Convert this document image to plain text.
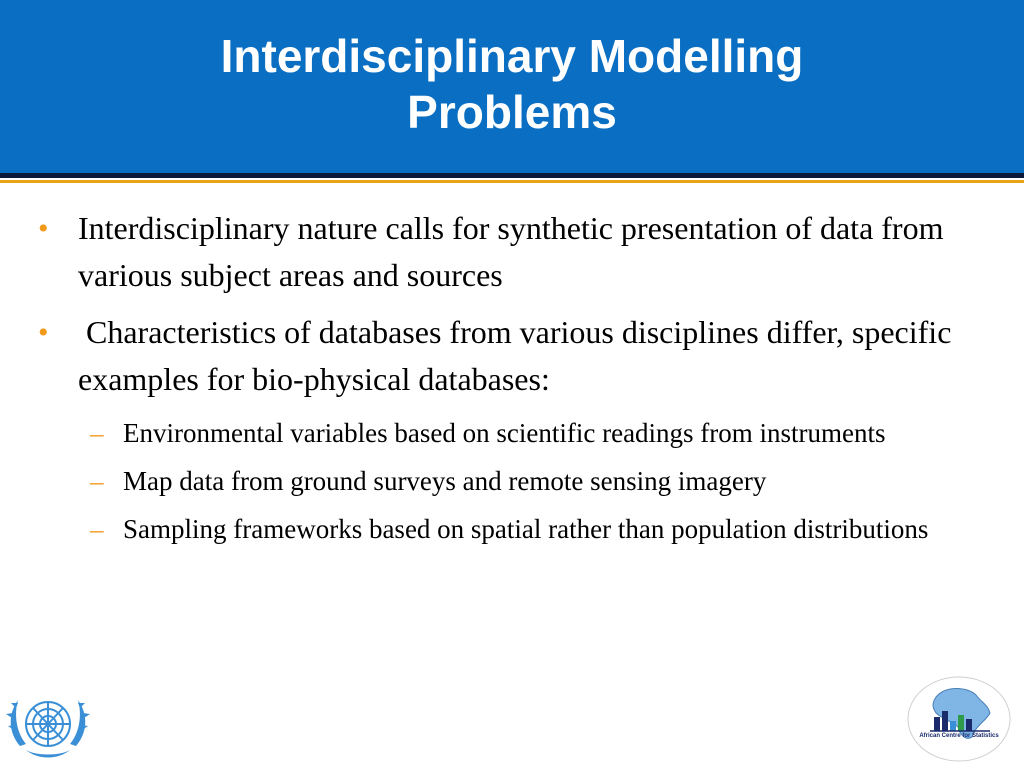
Interdisciplinary Modelling
Problems
• Interdisciplinary nature calls for synthetic presentation of data from various subject areas and sources
• Characteristics of databases from various disciplines differ, specific examples for bio-physical databases:
– Environmental variables based on scientific readings from instruments
– Map data from ground surveys and remote sensing imagery
– Sampling frameworks based on spatial rather than population distributions
African Centre for Statistics
